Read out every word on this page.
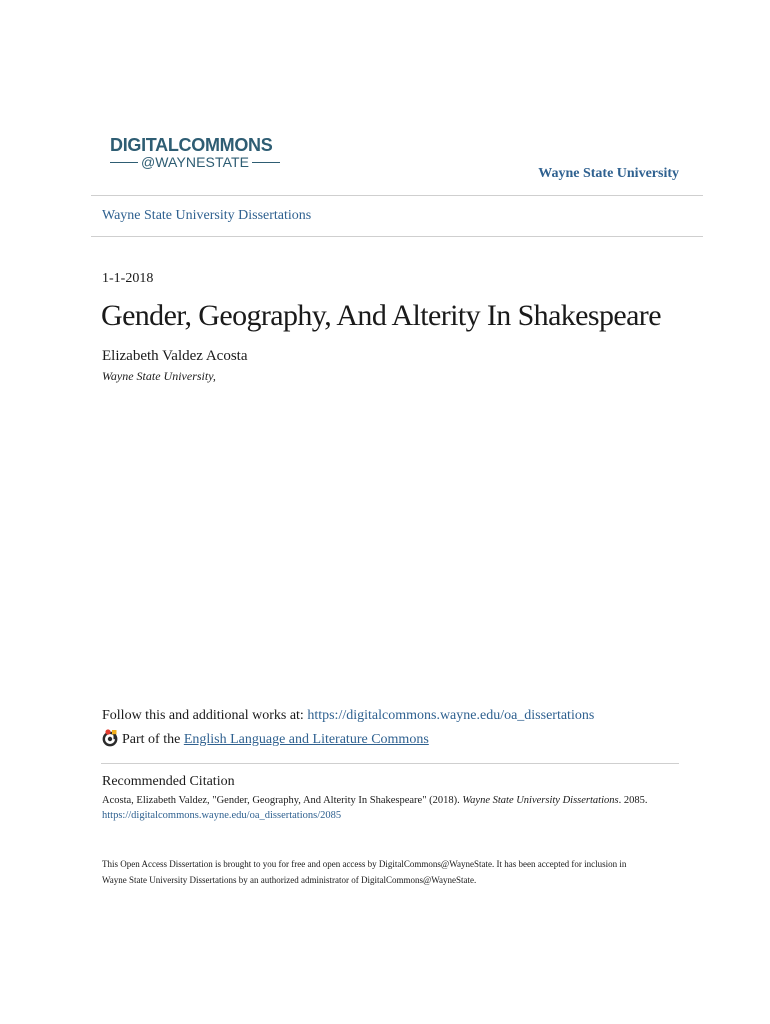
DIGITALCOMMONS
@WAYNESTATE
Wayne State University
Wayne State University Dissertations
1-1-2018
Gender, Geography, And Alterity In Shakespeare
Elizabeth Valdez Acosta
Wayne State University,
Follow this and additional works at: https://digitalcommons.wayne.edu/oa_dissertations
Part of the
English Language and Literature Commons
Recommended Citation
Acosta, Elizabeth Valdez, "Gender, Geography, And Alterity In Shakespeare" (2018). Wayne State University Dissertations. 2085.
https://digitalcommons.wayne.edu/oa_dissertations/2085
This Open Access Dissertation is brought to you for free and open access by DigitalCommons@WayneState. It has been accepted for inclusion in
Wayne State University Dissertations by an authorized administrator of DigitalCommons@WayneState.
